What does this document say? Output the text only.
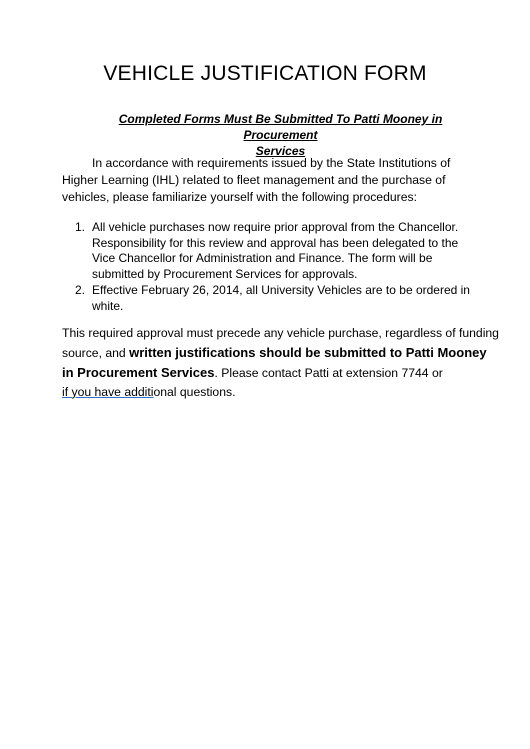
VEHICLE JUSTIFICATION FORM
Completed Forms Must Be Submitted To Patti Mooney in Procurement
Services
In accordance with requirements issued by the State Institutions of Higher Learning (IHL) related to fleet management and the purchase of vehicles, please familiarize yourself with the following procedures:
1. All vehicle purchases now require prior approval from the Chancellor. Responsibility for this review and approval has been delegated to the Vice Chancellor for Administration and Finance. The form will be submitted by Procurement Services for approvals.
2. Effective February 26, 2014, all University Vehicles are to be ordered in white.
This required approval must precede any vehicle purchase, regardless of funding
source, and written justifications should be submitted to Patti Mooney
in Procurement Services. Please contact Patti at extension 7744 or
if you have additional questions.
